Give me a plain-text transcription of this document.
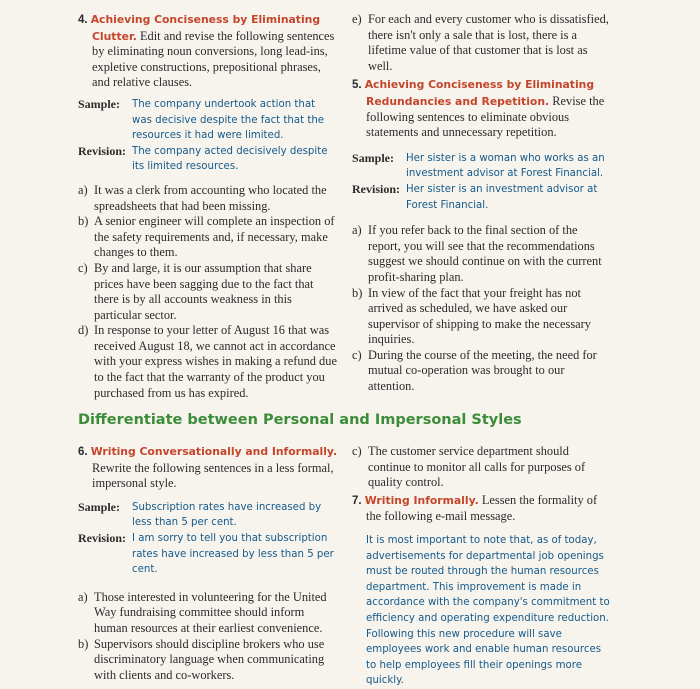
4. Achieving Conciseness by Eliminating Clutter. Edit and revise the following sentences by eliminating noun conversions, long lead-ins, expletive constructions, prepositional phrases, and relative clauses.

Sample:	The company undertook action that was decisive despite the fact that the resources it had were limited.
Revision: The company acted decisively despite its limited resources.
a) It was a clerk from accounting who located the spreadsheets that had been missing.
b) A senior engineer will complete an inspection of the safety requirements and, if necessary, make changes to them.
c) By and large, it is our assumption that share prices have been sagging due to the fact that there is by all accounts weakness in this particular sector.
d) In response to your letter of August 16 that was received August 18, we cannot act in accordance with your express wishes in making a refund due to the fact that the warranty of the product you purchased from us has expired.
e) For each and every customer who is dissatisfied, there isn't only a sale that is lost, there is a lifetime value of that customer that is lost as well.

5. Achieving Conciseness by Eliminating Redundancies and Repetition. Revise the following sentences to eliminate obvious statements and unnecessary repetition.

Sample:	Her sister is a woman who works as an investment advisor at Forest Financial.
Revision: Her sister is an investment advisor at Forest Financial.
a) If you refer back to the final section of the report, you will see that the recommendations suggest we should continue on with the current profit-sharing plan.
b) In view of the fact that your freight has not arrived as scheduled, we have asked our supervisor of shipping to make the necessary inquiries.
c) During the course of the meeting, the need for mutual co-operation was brought to our attention.
Differentiate between Personal and Impersonal Styles

6. Writing Conversationally and Informally. Rewrite the following sentences in a less formal, impersonal style.

Sample:	Subscription rates have increased by less than 5 per cent.
Revision: I am sorry to tell you that subscription rates have increased by less than 5 per cent.
a) Those interested in volunteering for the United Way fundraising committee should inform human resources at their earliest convenience.
b) Supervisors should discipline brokers who use discriminatory language when communicating with clients and co-workers.
c) The customer service department should continue to monitor all calls for purposes of quality control.

7. Writing Informally. Lessen the formality of the following e-mail message.

It is most important to note that, as of today, advertisements for departmental job openings must be routed through the human resources department. This improvement is made in accordance with the company's commitment to efficiency and operating expenditure reduction. Following this new procedure will save employees work and enable human resources to help employees fill their openings more quickly.
